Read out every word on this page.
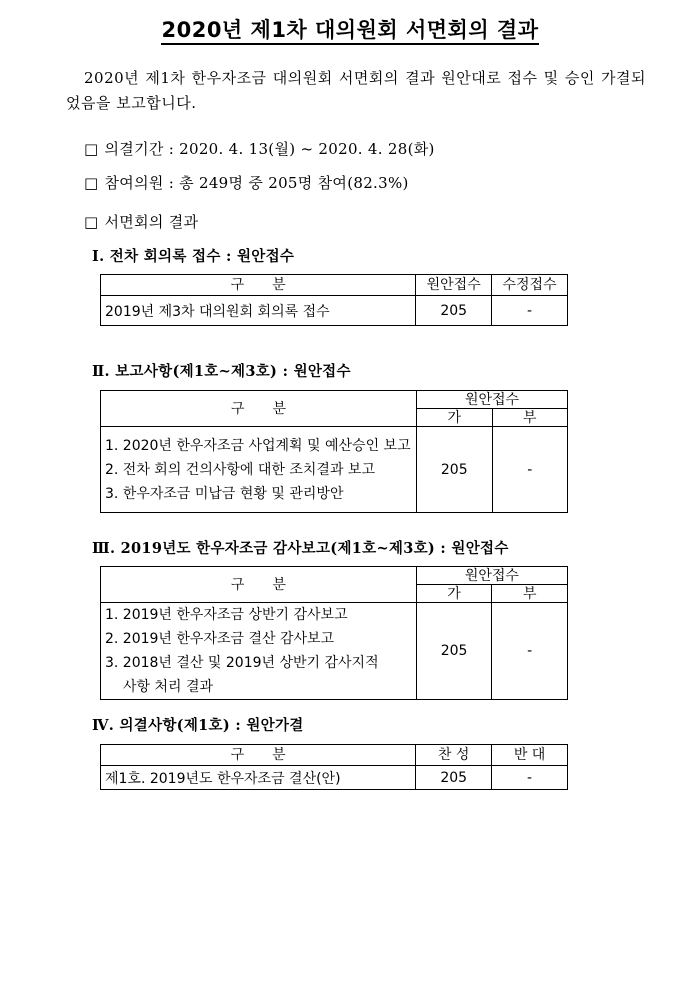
2020년 제1차 대의원회 서면회의 결과
2020년 제1차 한우자조금 대의원회 서면회의 결과 원안대로 접수 및 승인 가결되었음을 보고합니다.
□ 의결기간 : 2020. 4. 13(월) ~ 2020. 4. 28(화)
□ 참여의원 : 총 249명 중 205명 참여(82.3%)
□ 서면회의 결과
Ⅰ. 전차 회의록 접수 : 원안접수
구　　분	원안접수	수정접수
2019년 제3차 대의원회 회의록 접수	205	-
Ⅱ. 보고사항(제1호~제3호) : 원안접수
구　　분	원안접수	
	가	부

1. 2020년 한우자조금 사업계획 및 예산승인 보고
2. 전차 회의 건의사항에 대한 조치결과 보고
3. 한우자조금 미납금 현황 및 관리방안	205	-
Ⅲ. 2019년도 한우자조금 감사보고(제1호~제3호) : 원안접수
구　　분	원안접수	
	가	부

1. 2019년 한우자조금 상반기 감사보고
2. 2019년 한우자조금 결산 감사보고
3. 2018년 결산 및 2019년 상반기 감사지적
사항 처리 결과	205	-
Ⅳ. 의결사항(제1호) : 원안가결
구　　분	찬 성	반 대
제1호. 2019년도 한우자조금 결산(안)	205	-
